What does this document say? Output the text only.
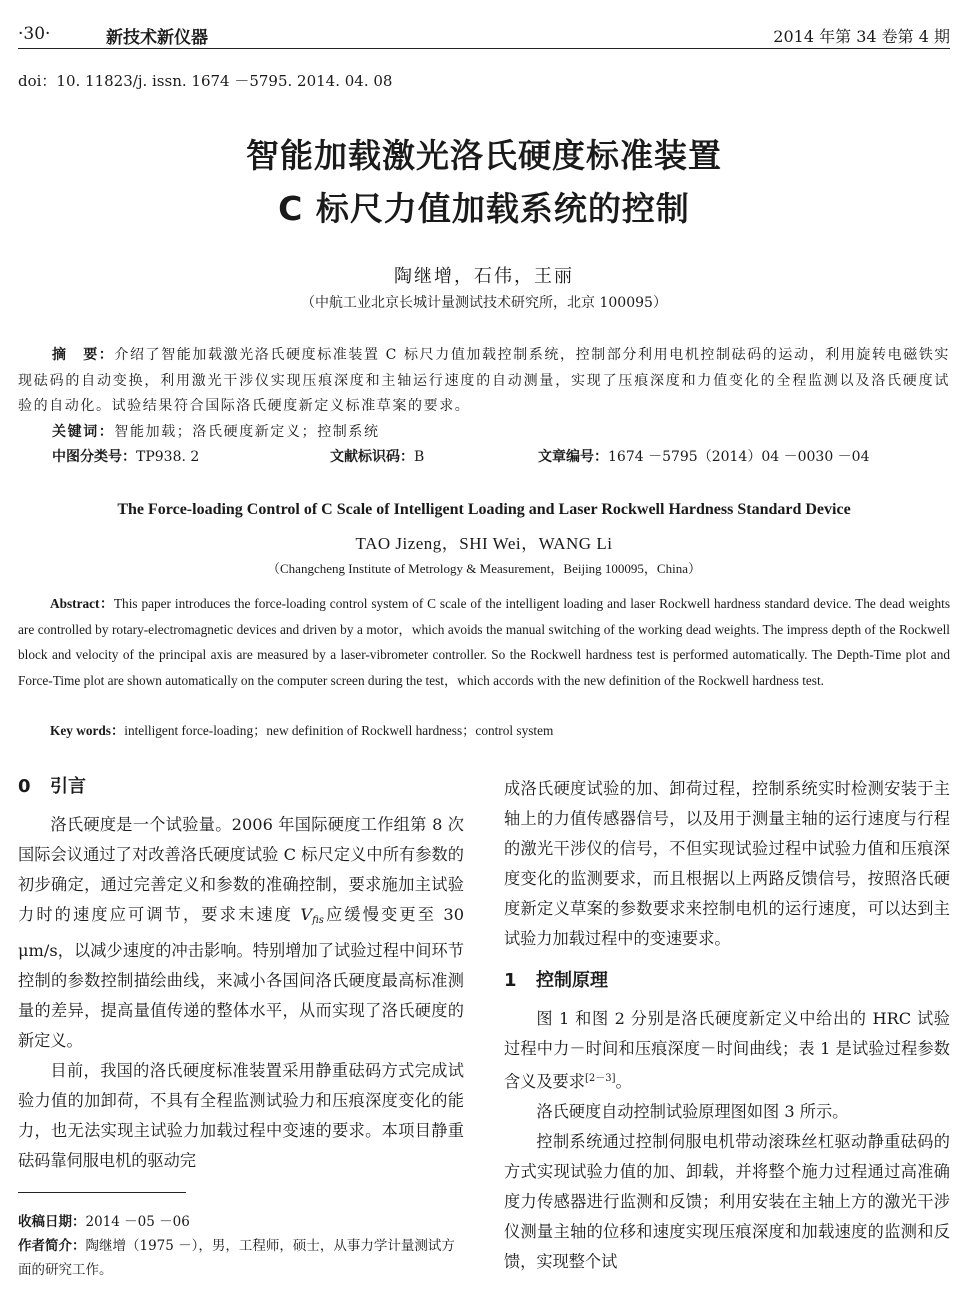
·30·	新技术新仪器	2014 年第 34 卷第 4 期
doi：10. 11823/j. issn. 1674 －5795. 2014. 04. 08
智能加载激光洛氏硬度标准装置
C 标尺力值加载系统的控制
陶继增，石伟，王丽
（中航工业北京长城计量测试技术研究所，北京 100095）
摘　要：介绍了智能加载激光洛氏硬度标准装置 C 标尺力值加载控制系统，控制部分利用电机控制砝码的运动，利用旋转电磁铁实现砝码的自动变换，利用激光干涉仪实现压痕深度和主轴运行速度的自动测量，实现了压痕深度和力值变化的全程监测以及洛氏硬度试验的自动化。试验结果符合国际洛氏硬度新定义标准草案的要求。
关键词：智能加载；洛氏硬度新定义；控制系统
中图分类号：TP938. 2	文献标识码：B	文章编号：1674 －5795（2014）04 －0030 －04
The Force-loading Control of C Scale of Intelligent Loading and Laser Rockwell Hardness Standard Device
TAO Jizeng，SHI Wei，WANG Li
（Changcheng Institute of Metrology & Measurement，Beijing 100095，China）
Abstract：This paper introduces the force-loading control system of C scale of the intelligent loading and laser Rockwell hardness standard device. The dead weights are controlled by rotary-electromagnetic devices and driven by a motor，which avoids the manual switching of the working dead weights. The impress depth of the Rockwell block and velocity of the principal axis are measured by a laser-vibrometer controller. So the Rockwell hardness test is performed automatically. The Depth-Time plot and Force-Time plot are shown automatically on the computer screen during the test，which accords with the new definition of the Rockwell hardness test.
Key words：intelligent force-loading；new definition of Rockwell hardness；control system
0 引言

洛氏硬度是一个试验量。2006 年国际硬度工作组第 8 次国际会议通过了对改善洛氏硬度试验 C 标尺定义中所有参数的初步确定，通过完善定义和参数的准确控制，要求施加主试验力时的速度应可调节，要求末速度 $V_{fis}$应缓慢变更至 30 μm/s，以减少速度的冲击影响。特别增加了试验过程中间环节控制的参数控制描绘曲线，来减小各国间洛氏硬度最高标准测量的差异，提高量值传递的整体水平，从而实现了洛氏硬度的新定义。

目前，我国的洛氏硬度标准装置采用静重砝码方式完成试验力值的加卸荷，不具有全程监测试验力和压痕深度变化的能力，也无法实现主试验力加载过程中变速的要求。本项目静重砝码靠伺服电机的驱动完

成洛氏硬度试验的加、卸荷过程，控制系统实时检测安装于主轴上的力值传感器信号，以及用于测量主轴的运行速度与行程的激光干涉仪的信号，不但实现试验过程中试验力值和压痕深度变化的监测要求，而且根据以上两路反馈信号，按照洛氏硬度新定义草案的参数要求来控制电机的运行速度，可以达到主试验力加载过程中的变速要求。

1 控制原理

图 1 和图 2 分别是洛氏硬度新定义中给出的 HRC 试验过程中力－时间和压痕深度－时间曲线；表 1 是试验过程参数含义及要求[2－3]。

洛氏硬度自动控制试验原理图如图 3 所示。

控制系统通过控制伺服电机带动滚珠丝杠驱动静重砝码的方式实现试验力值的加、卸载，并将整个施力过程通过高准确度力传感器进行监测和反馈；利用安装在主轴上方的激光干涉仪测量主轴的位移和速度实现压痕深度和加载速度的监测和反馈，实现整个试

收稿日期：2014 －05 －06
作者简介：陶继增（1975 －），男，工程师，硕士，从事力学计量测试方面的研究工作。
